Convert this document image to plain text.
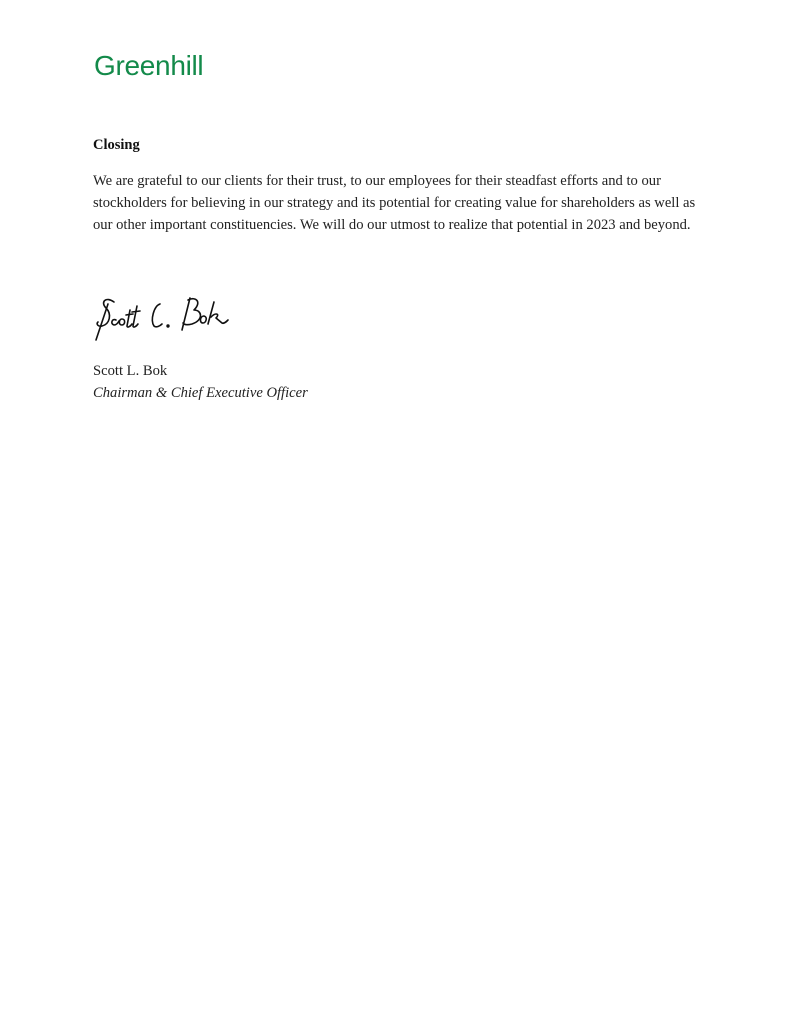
Greenhill
Closing

We are grateful to our clients for their trust, to our employees for their steadfast efforts and to our stockholders for believing in our strategy and its potential for creating value for shareholders as well as our other important constituencies. We will do our utmost to realize that potential in 2023 and beyond.

Scott L. Bok

Chairman & Chief Executive Officer
